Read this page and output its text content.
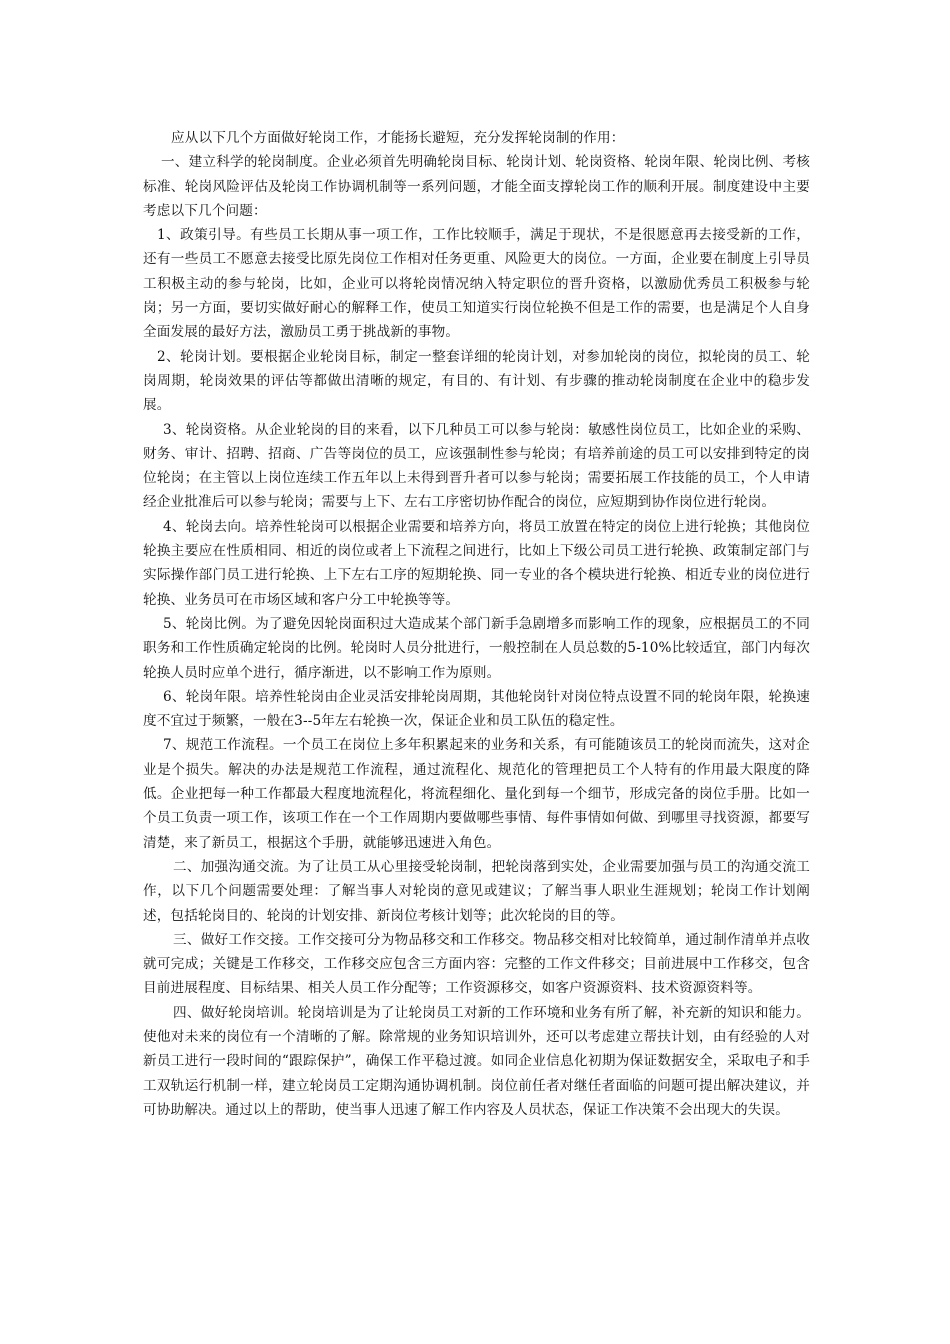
应从以下几个方面做好轮岗工作，才能扬长避短，充分发挥轮岗制的作用：

一、建立科学的轮岗制度。企业必须首先明确轮岗目标、轮岗计划、轮岗资格、轮岗年限、轮岗比例、考核标准、轮岗风险评估及轮岗工作协调机制等一系列问题，才能全面支撑轮岗工作的顺利开展。制度建设中主要考虑以下几个问题：

1、政策引导。有些员工长期从事一项工作，工作比较顺手，满足于现状，不是很愿意再去接受新的工作，还有一些员工不愿意去接受比原先岗位工作相对任务更重、风险更大的岗位。一方面，企业要在制度上引导员工积极主动的参与轮岗，比如，企业可以将轮岗情况纳入特定职位的晋升资格，以激励优秀员工积极参与轮岗；另一方面，要切实做好耐心的解释工作，使员工知道实行岗位轮换不但是工作的需要，也是满足个人自身全面发展的最好方法，激励员工勇于挑战新的事物。

2、轮岗计划。要根据企业轮岗目标，制定一整套详细的轮岗计划，对参加轮岗的岗位，拟轮岗的员工、轮岗周期，轮岗效果的评估等都做出清晰的规定，有目的、有计划、有步骤的推动轮岗制度在企业中的稳步发展。

3、轮岗资格。从企业轮岗的目的来看，以下几种员工可以参与轮岗：敏感性岗位员工，比如企业的采购、财务、审计、招聘、招商、广告等岗位的员工，应该强制性参与轮岗；有培养前途的员工可以安排到特定的岗位轮岗；在主管以上岗位连续工作五年以上未得到晋升者可以参与轮岗；需要拓展工作技能的员工，个人申请经企业批准后可以参与轮岗；需要与上下、左右工序密切协作配合的岗位，应短期到协作岗位进行轮岗。

4、轮岗去向。培养性轮岗可以根据企业需要和培养方向，将员工放置在特定的岗位上进行轮换；其他岗位轮换主要应在性质相同、相近的岗位或者上下流程之间进行，比如上下级公司员工进行轮换、政策制定部门与实际操作部门员工进行轮换、上下左右工序的短期轮换、同一专业的各个模块进行轮换、相近专业的岗位进行轮换、业务员可在市场区域和客户分工中轮换等等。

5、轮岗比例。为了避免因轮岗面积过大造成某个部门新手急剧增多而影响工作的现象，应根据员工的不同职务和工作性质确定轮岗的比例。轮岗时人员分批进行，一般控制在人员总数的5-10%比较适宜，部门内每次轮换人员时应单个进行，循序渐进，以不影响工作为原则。

6、轮岗年限。培养性轮岗由企业灵活安排轮岗周期，其他轮岗针对岗位特点设置不同的轮岗年限，轮换速度不宜过于频繁，一般在3--5年左右轮换一次，保证企业和员工队伍的稳定性。

7、规范工作流程。一个员工在岗位上多年积累起来的业务和关系，有可能随该员工的轮岗而流失，这对企业是个损失。解决的办法是规范工作流程，通过流程化、规范化的管理把员工个人特有的作用最大限度的降低。企业把每一种工作都最大程度地流程化，将流程细化、量化到每一个细节，形成完备的岗位手册。比如一个员工负责一项工作，该项工作在一个工作周期内要做哪些事情、每件事情如何做、到哪里寻找资源，都要写清楚，来了新员工，根据这个手册，就能够迅速进入角色。

二、加强沟通交流。为了让员工从心里接受轮岗制，把轮岗落到实处，企业需要加强与员工的沟通交流工作，以下几个问题需要处理：了解当事人对轮岗的意见或建议；了解当事人职业生涯规划；轮岗工作计划阐述，包括轮岗目的、轮岗的计划安排、新岗位考核计划等；此次轮岗的目的等。

三、做好工作交接。工作交接可分为物品移交和工作移交。物品移交相对比较简单，通过制作清单并点收就可完成；关键是工作移交，工作移交应包含三方面内容：完整的工作文件移交；目前进展中工作移交，包含目前进展程度、目标结果、相关人员工作分配等；工作资源移交，如客户资源资料、技术资源资料等。

四、做好轮岗培训。轮岗培训是为了让轮岗员工对新的工作环境和业务有所了解，补充新的知识和能力。使他对未来的岗位有一个清晰的了解。除常规的业务知识培训外，还可以考虑建立帮扶计划，由有经验的人对新员工进行一段时间的“跟踪保护”，确保工作平稳过渡。如同企业信息化初期为保证数据安全，采取电子和手工双轨运行机制一样，建立轮岗员工定期沟通协调机制。岗位前任者对继任者面临的问题可提出解决建议，并可协助解决。通过以上的帮助，使当事人迅速了解工作内容及人员状态，保证工作决策不会出现大的失误。
